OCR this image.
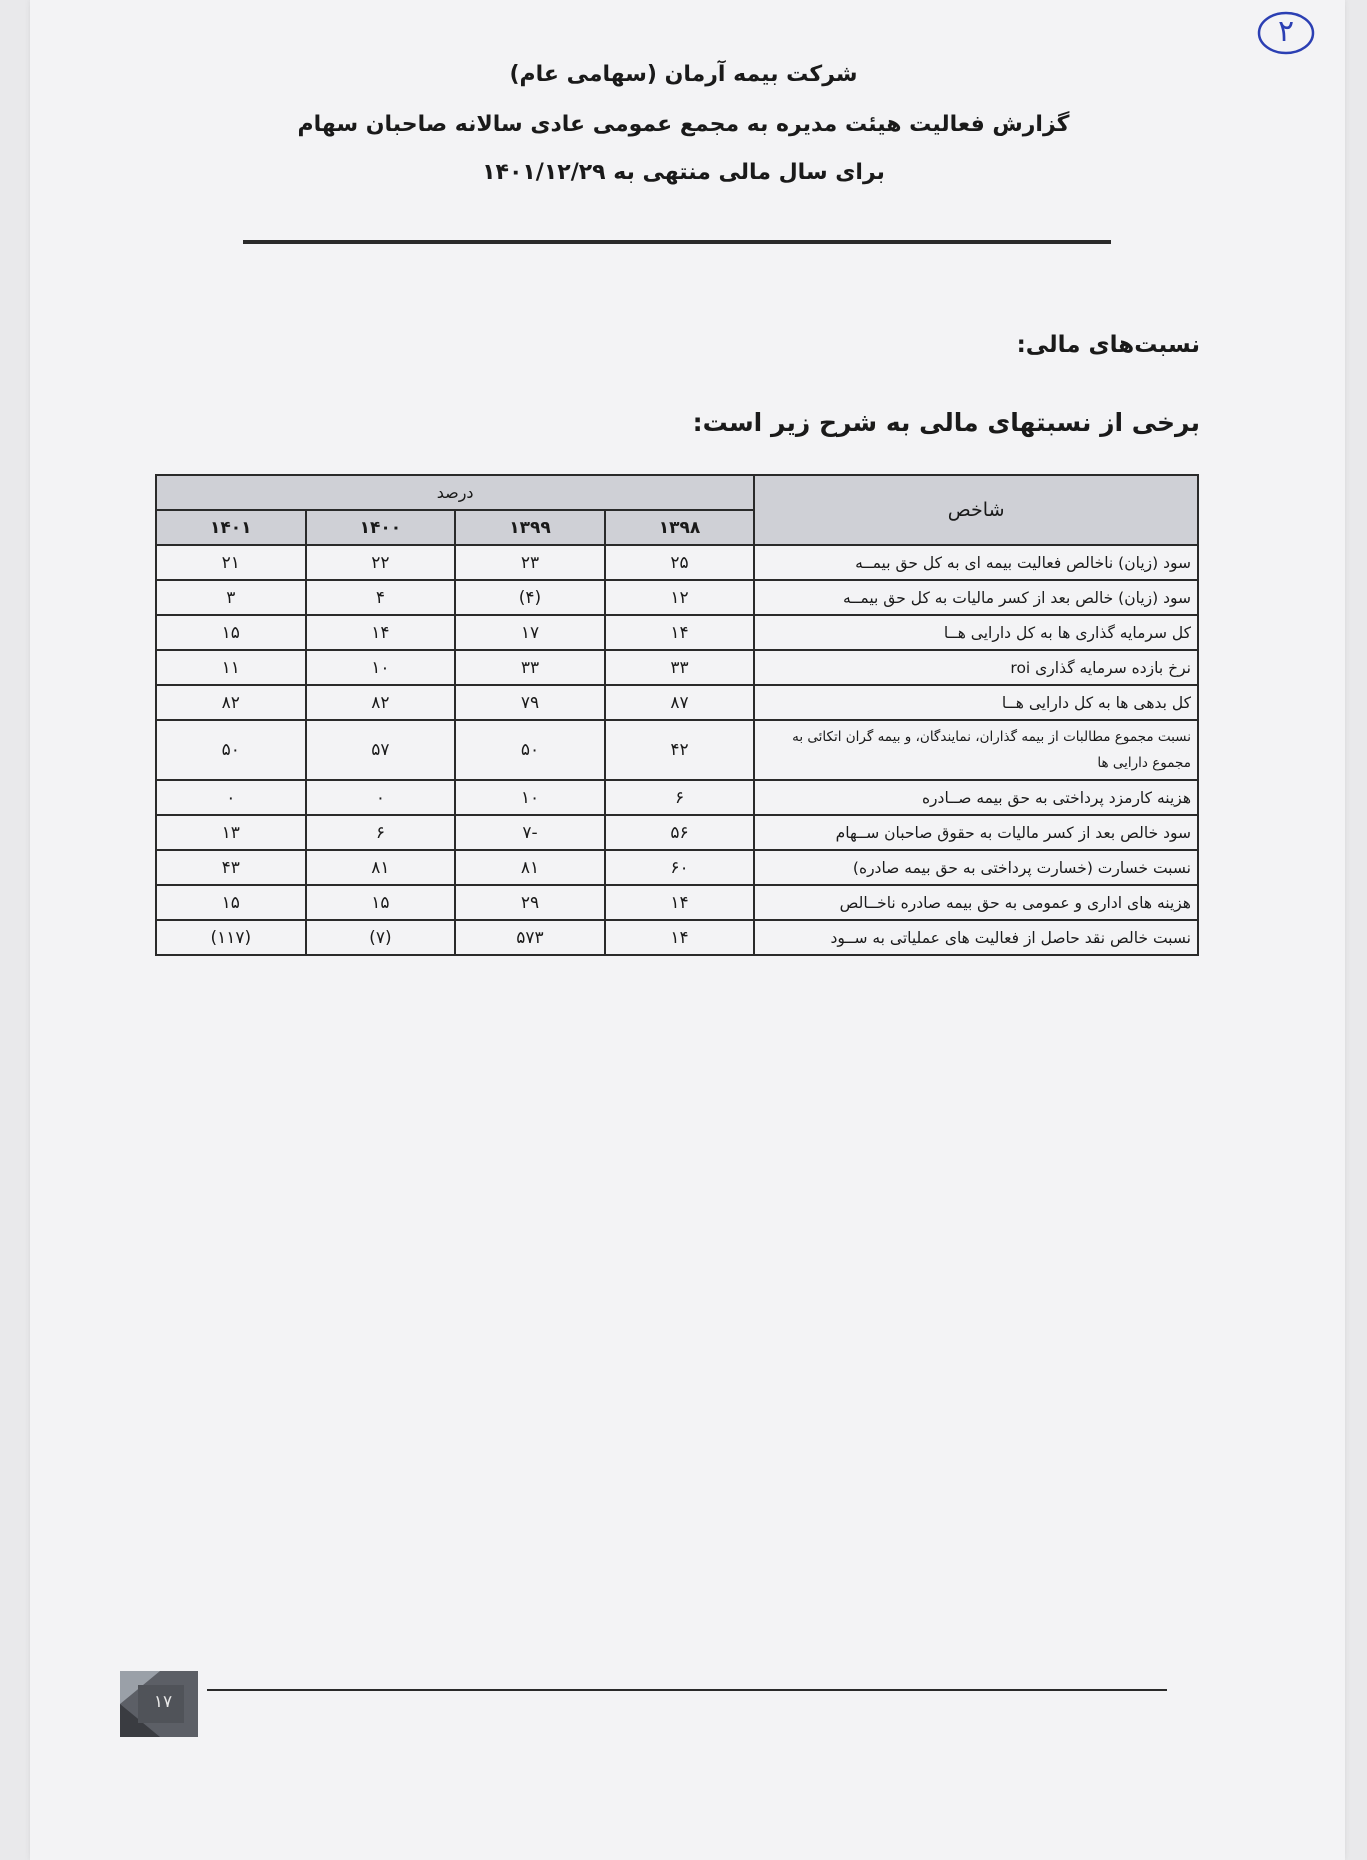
۲
شرکت بیمه آرمان (سهامی عام)
گزارش فعالیت هیئت مدیره به مجمع عمومی عادی سالانه صاحبان سهام
برای سال مالی منتهی به ۱۴۰۱/۱۲/۲۹
نسبت‌های مالی:
برخی از نسبتهای مالی به شرح زیر است:
شاخص	درصد			
	۱۳۹۸	۱۳۹۹	۱۴۰۰	۱۴۰۱
سود (زیان) ناخالص فعالیت بیمه ای به کل حق بیمــه	۲۵	۲۳	۲۲	۲۱
سود (زیان) خالص بعد از کسر مالیات به کل حق بیمــه	۱۲	(۴)	۴	۳
کل سرمایه گذاری ها به کل دارایی هــا	۱۴	۱۷	۱۴	۱۵
نرخ بازده سرمایه گذاری roi	۳۳	۳۳	۱۰	۱۱
کل بدهی ها به کل دارایی هــا	۸۷	۷۹	۸۲	۸۲
نسبت مجموع مطالبات از بیمه گذاران، نمایندگان، و بیمه گران اتکائی به مجموع دارایی ها	۴۲	۵۰	۵۷	۵۰
هزینه کارمزد پرداختی به حق بیمه صــادره	۶	۱۰	۰	۰
سود خالص بعد از کسر مالیات به حقوق صاحبان ســهام	۵۶	-۷	۶	۱۳
نسبت خسارت (خسارت پرداختی به حق بیمه صادره)	۶۰	۸۱	۸۱	۴۳
هزینه های اداری و عمومی به حق بیمه صادره ناخــالص	۱۴	۲۹	۱۵	۱۵
نسبت خالص نقد حاصل از فعالیت های عملیاتی به ســود	۱۴	۵۷۳	(۷)	(۱۱۷)
۱۷
